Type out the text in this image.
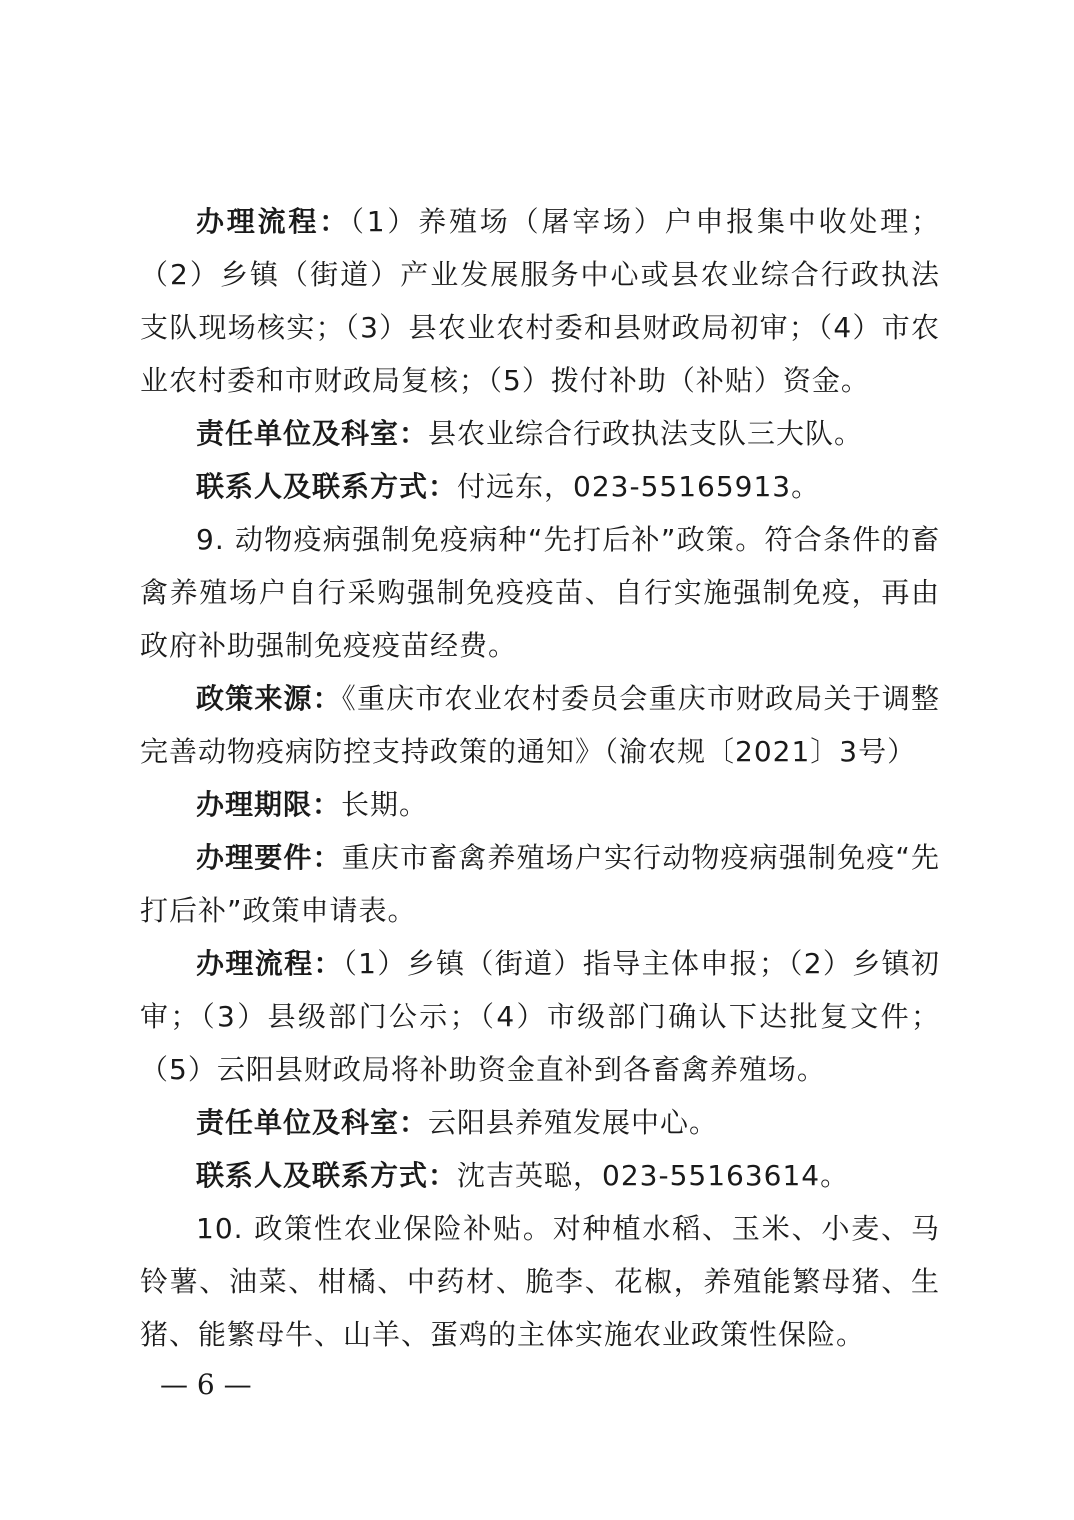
办理流程：（1）养殖场（屠宰场）户申报集中收处理；（2）乡镇（街道）产业发展服务中心或县农业综合行政执法支队现场核实；（3）县农业农村委和县财政局初审；（4）市农业农村委和市财政局复核；（5）拨付补助（补贴）资金。

责任单位及科室：县农业综合行政执法支队三大队。

联系人及联系方式：付远东，023-55165913。

9. 动物疫病强制免疫病种“先打后补”政策。符合条件的畜禽养殖场户自行采购强制免疫疫苗、自行实施强制免疫，再由政府补助强制免疫疫苗经费。

政策来源：《重庆市农业农村委员会重庆市财政局关于调整完善动物疫病防控支持政策的通知》（渝农规〔2021〕3号）

办理期限：长期。

办理要件：重庆市畜禽养殖场户实行动物疫病强制免疫“先打后补”政策申请表。

办理流程：（1）乡镇（街道）指导主体申报；（2）乡镇初审；（3）县级部门公示；（4）市级部门确认下达批复文件；（5）云阳县财政局将补助资金直补到各畜禽养殖场。

责任单位及科室：云阳县养殖发展中心。

联系人及联系方式：沈吉英聪，023-55163614。

10. 政策性农业保险补贴。对种植水稻、玉米、小麦、马铃薯、油菜、柑橘、中药材、脆李、花椒，养殖能繁母猪、生猪、能繁母牛、山羊、蛋鸡的主体实施农业政策性保险。

— 6 —
